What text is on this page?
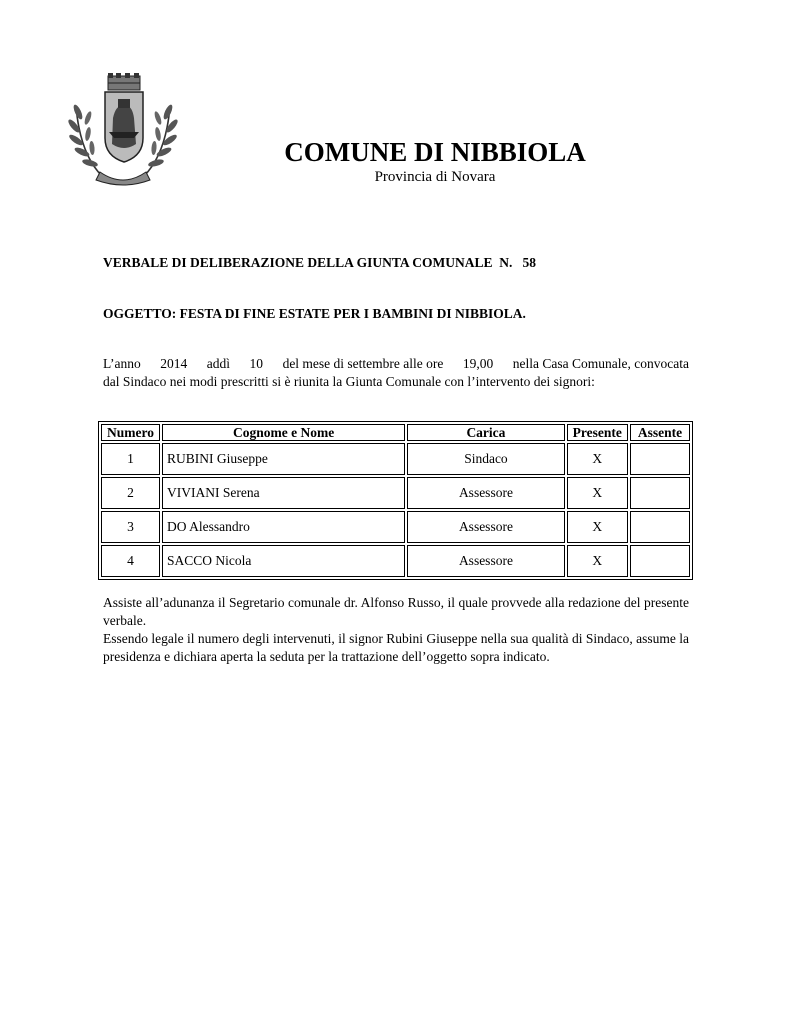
COMUNE DI NIBBIOLA

Provincia di Novara

VERBALE DI DELIBERAZIONE DELLA GIUNTA COMUNALE  N.   58
OGGETTO: FESTA DI FINE ESTATE PER I BAMBINI DI NIBBIOLA.
L’anno 2014 addì 10 del mese di settembre alle ore 19,00 nella Casa Comunale, convocata
dal Sindaco nei modi prescritti si è riunita la Giunta Comunale con l’intervento dei signori:
Numero	Cognome e Nome	Carica	Presente	Assente
1	RUBINI Giuseppe	Sindaco	X	
2	VIVIANI Serena	Assessore	X	
3	DO Alessandro	Assessore	X	
4	SACCO Nicola	Assessore	X	

Assiste all’adunanza il Segretario comunale dr. Alfonso Russo, il quale provvede alla redazione del presente verbale.

Essendo legale il numero degli intervenuti, il signor Rubini Giuseppe nella sua qualità di Sindaco, assume la presidenza e dichiara aperta la seduta per la trattazione dell’oggetto sopra indicato.
